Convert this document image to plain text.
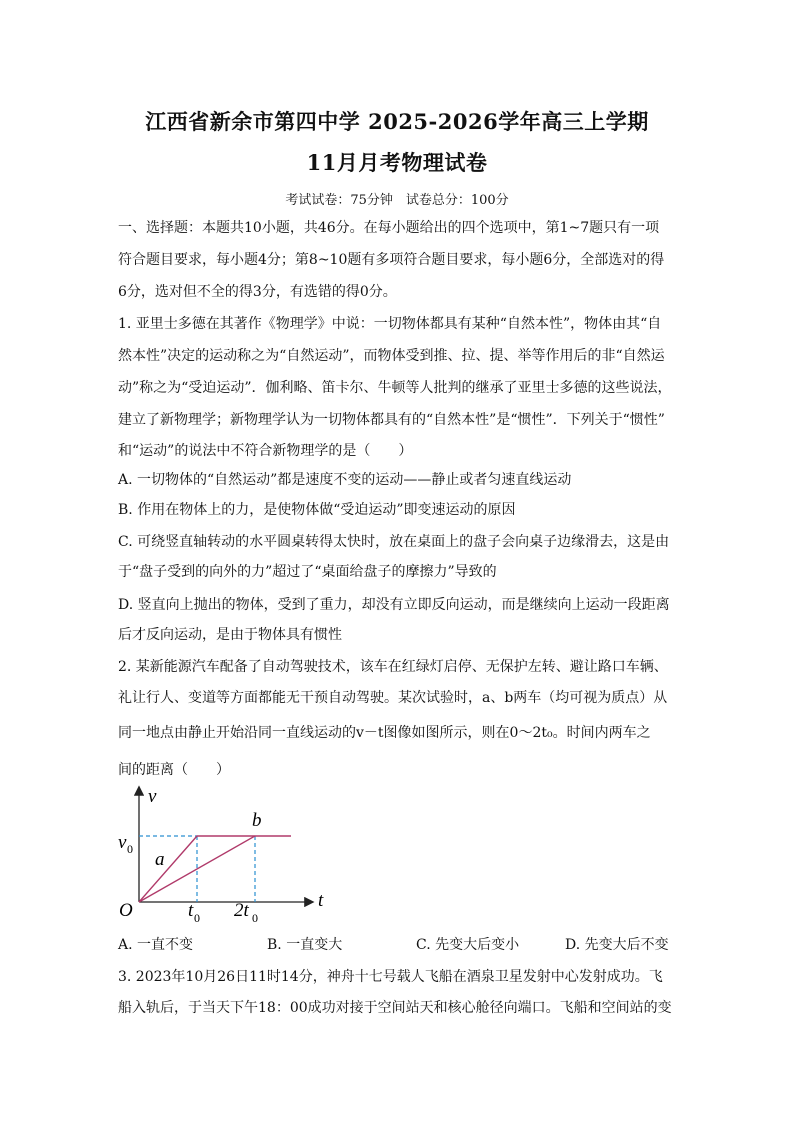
江西省新余市第四中学 2025-2026学年高三上学期
11月月考物理试卷
考试试卷：75分钟　试卷总分：100分
一、选择题：本题共10小题，共46分。在每小题给出的四个选项中，第1~7题只有一项
符合题目要求，每小题4分；第8~10题有多项符合题目要求，每小题6分，全部选对的得
6分，选对但不全的得3分，有选错的得0分。
1. 亚里士多德在其著作《物理学》中说：一切物体都具有某种“自然本性”，物体由其“自
然本性”决定的运动称之为“自然运动”，而物体受到推、拉、提、举等作用后的非“自然运
动”称之为“受迫运动”．伽利略、笛卡尔、牛顿等人批判的继承了亚里士多德的这些说法，
建立了新物理学；新物理学认为一切物体都具有的“自然本性”是“惯性”．下列关于“惯性”
和“运动”的说法中不符合新物理学的是（　　）
A. 一切物体的“自然运动”都是速度不变的运动——静止或者匀速直线运动
B. 作用在物体上的力，是使物体做“受迫运动”即变速运动的原因
C. 可绕竖直轴转动的水平圆桌转得太快时，放在桌面上的盘子会向桌子边缘滑去，这是由
于“盘子受到的向外的力”超过了“桌面给盘子的摩擦力”导致的
D. 竖直向上抛出的物体，受到了重力，却没有立即反向运动，而是继续向上运动一段距离
后才反向运动，是由于物体具有惯性
2. 某新能源汽车配备了自动驾驶技术，该车在红绿灯启停、无保护左转、避让路口车辆、
礼让行人、变道等方面都能无干预自动驾驶。某次试验时，a、b两车（均可视为质点）从
同一地点由静止开始沿同一直线运动的v－t图像如图所示，则在0～2t₀。时间内两车之
间的距离（　　）
v
t
O
v 0
t 0 2t 0
a
b
A. 一直不变	B. 一直变大	C. 先变大后变小	D. 先变大后不变
3. 2023年10月26日11时14分，神舟十七号载人飞船在酒泉卫星发射中心发射成功。飞
船入轨后，于当天下午18：00成功对接于空间站天和核心舱径向端口。飞船和空间站的变
